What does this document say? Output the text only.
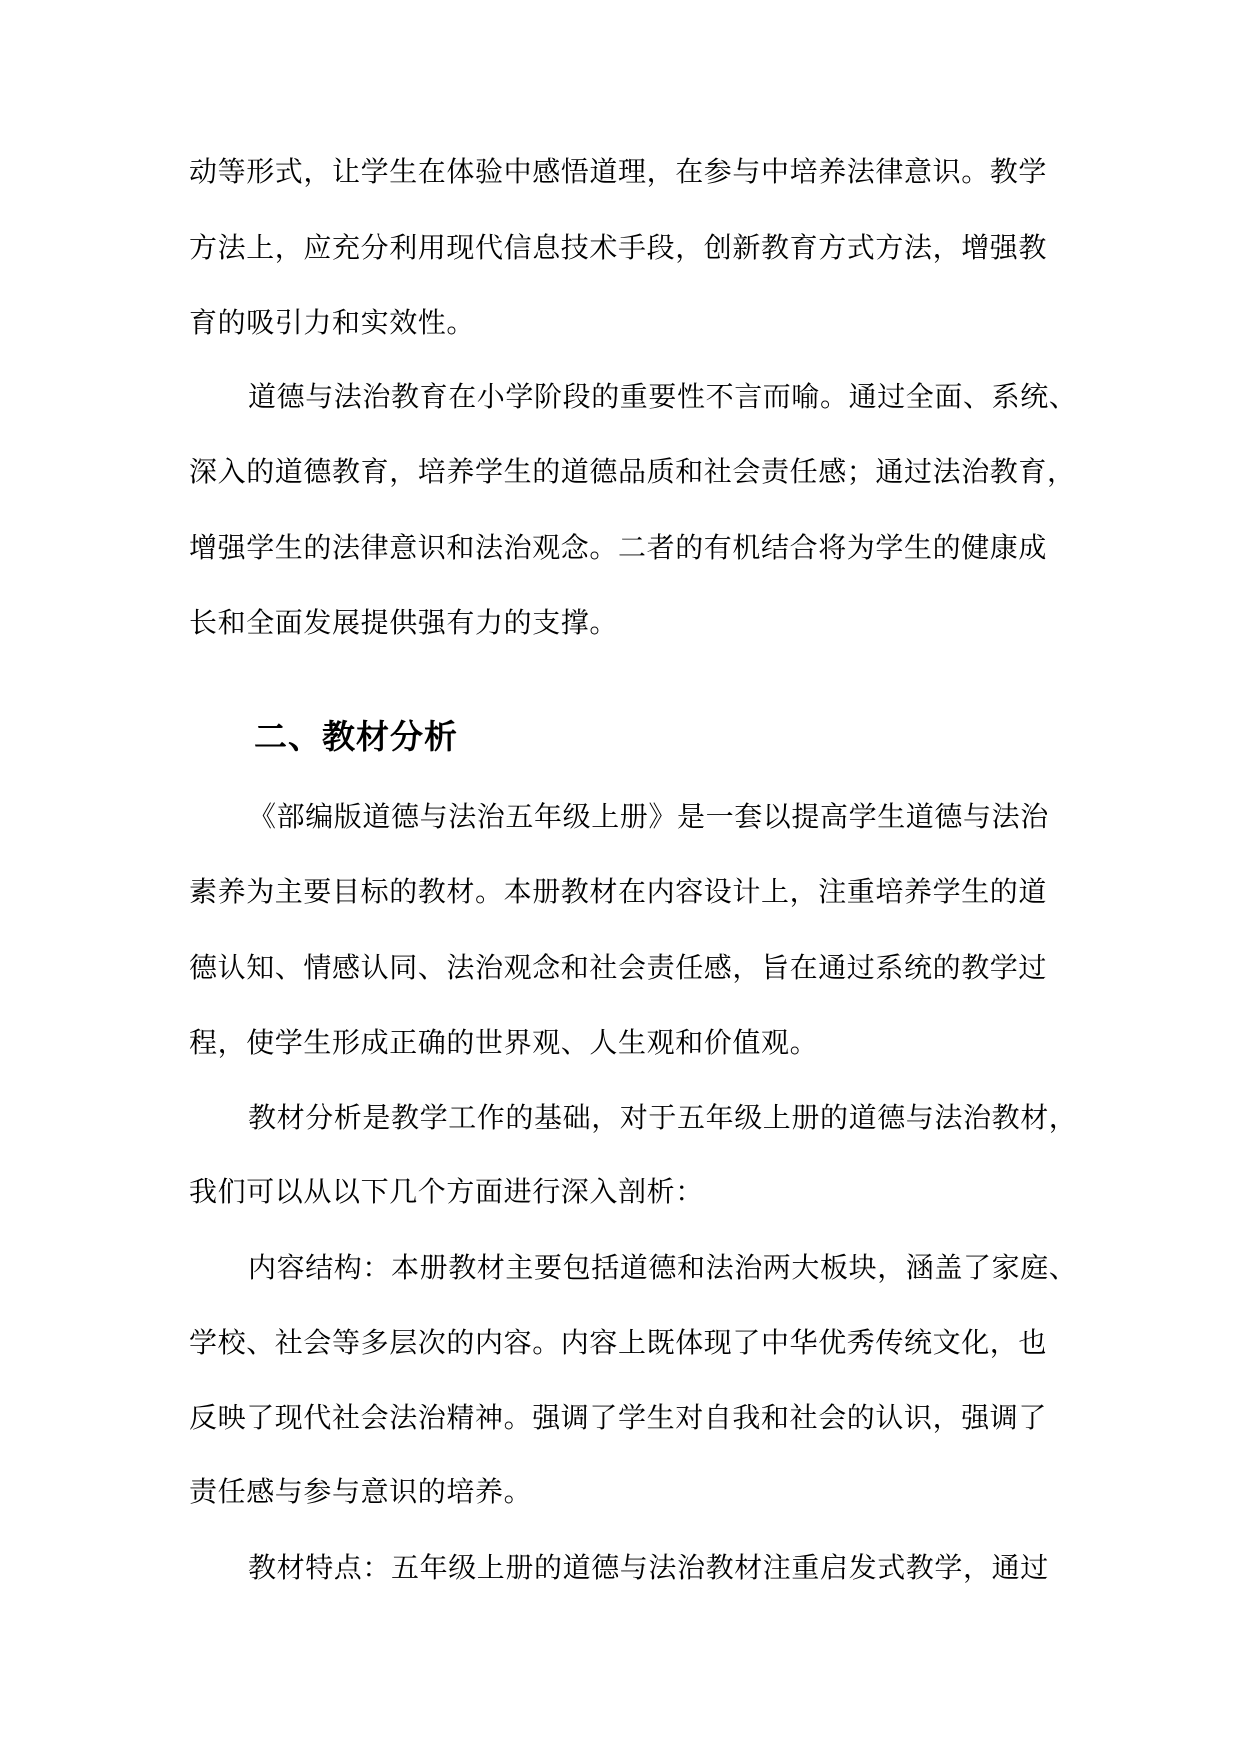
动等形式，让学生在体验中感悟道理，在参与中培养法律意识。教学

方法上，应充分利用现代信息技术手段，创新教育方式方法，增强教

育的吸引力和实效性。

道德与法治教育在小学阶段的重要性不言而喻。通过全面、系统、

深入的道德教育，培养学生的道德品质和社会责任感；通过法治教育，

增强学生的法律意识和法治观念。二者的有机结合将为学生的健康成

长和全面发展提供强有力的支撑。

二、教材分析

《部编版道德与法治五年级上册》是一套以提高学生道德与法治

素养为主要目标的教材。本册教材在内容设计上，注重培养学生的道

德认知、情感认同、法治观念和社会责任感，旨在通过系统的教学过

程，使学生形成正确的世界观、人生观和价值观。

教材分析是教学工作的基础，对于五年级上册的道德与法治教材，

我们可以从以下几个方面进行深入剖析：

内容结构：本册教材主要包括道德和法治两大板块，涵盖了家庭、

学校、社会等多层次的内容。内容上既体现了中华优秀传统文化，也

反映了现代社会法治精神。强调了学生对自我和社会的认识，强调了

责任感与参与意识的培养。

教材特点：五年级上册的道德与法治教材注重启发式教学，通过
